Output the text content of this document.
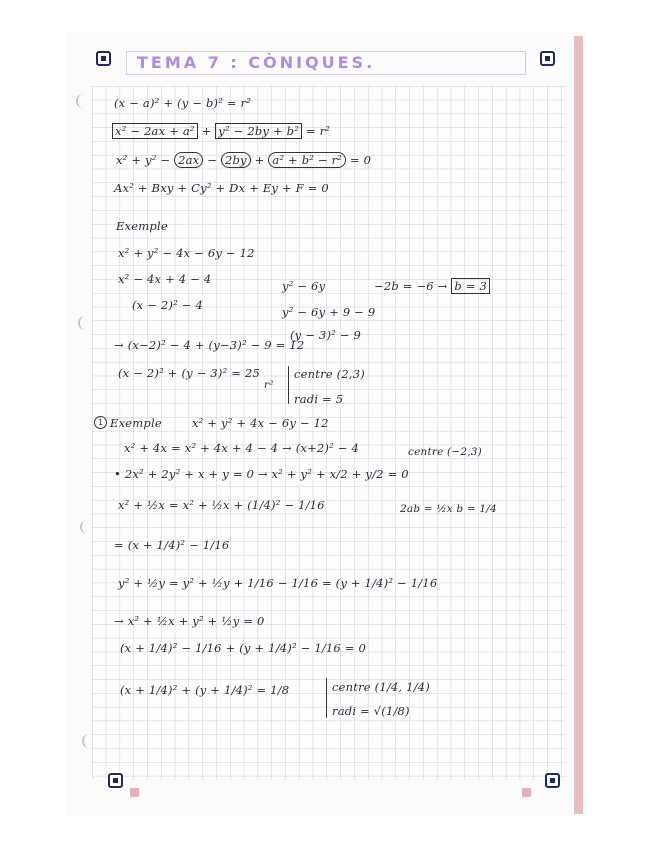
TEMA 7 : CÒNIQUES.

(x − a)² + (y − b)² = r²

x² − 2ax + a² + y² − 2by + b² = r²

x² + y² − 2ax − 2by + a² + b² − r² = 0

Ax² + Bxy + Cy² + Dx + Ey + F = 0

Exemple

x² + y² − 4x − 6y − 12

x² − 4x + 4 − 4

(x − 2)² − 4

y² − 6y	−2b = −6 → b = 3

y² − 6y + 9 − 9

(y − 3)² − 9

→ (x−2)² − 4 + (y−3)² − 9 = 12

(x − 2)² + (y − 3)² = 25

r²

centre (2,3)

radi = 5

1 Exemple	x² + y² + 4x − 6y − 12

x² + 4x = x² + 4x + 4 − 4 → (x+2)² − 4	centre (−2,3)

• 2x² + 2y² + x + y = 0 → x² + y² + x/2 + y/2 = 0

x² + ½x = x² + ½x + (1/4)² − 1/16	2ab = ½x b = 1/4

= (x + 1/4)² − 1/16

y² + ½y = y² + ½y + 1/16 − 1/16 = (y + 1/4)² − 1/16

→ x² + ½x + y² + ½y = 0

(x + 1/4)² − 1/16 + (y + 1/4)² − 1/16 = 0

(x + 1/4)² + (y + 1/4)² = 1/8	centre (1/4, 1/4)

radi = √(1/8)
